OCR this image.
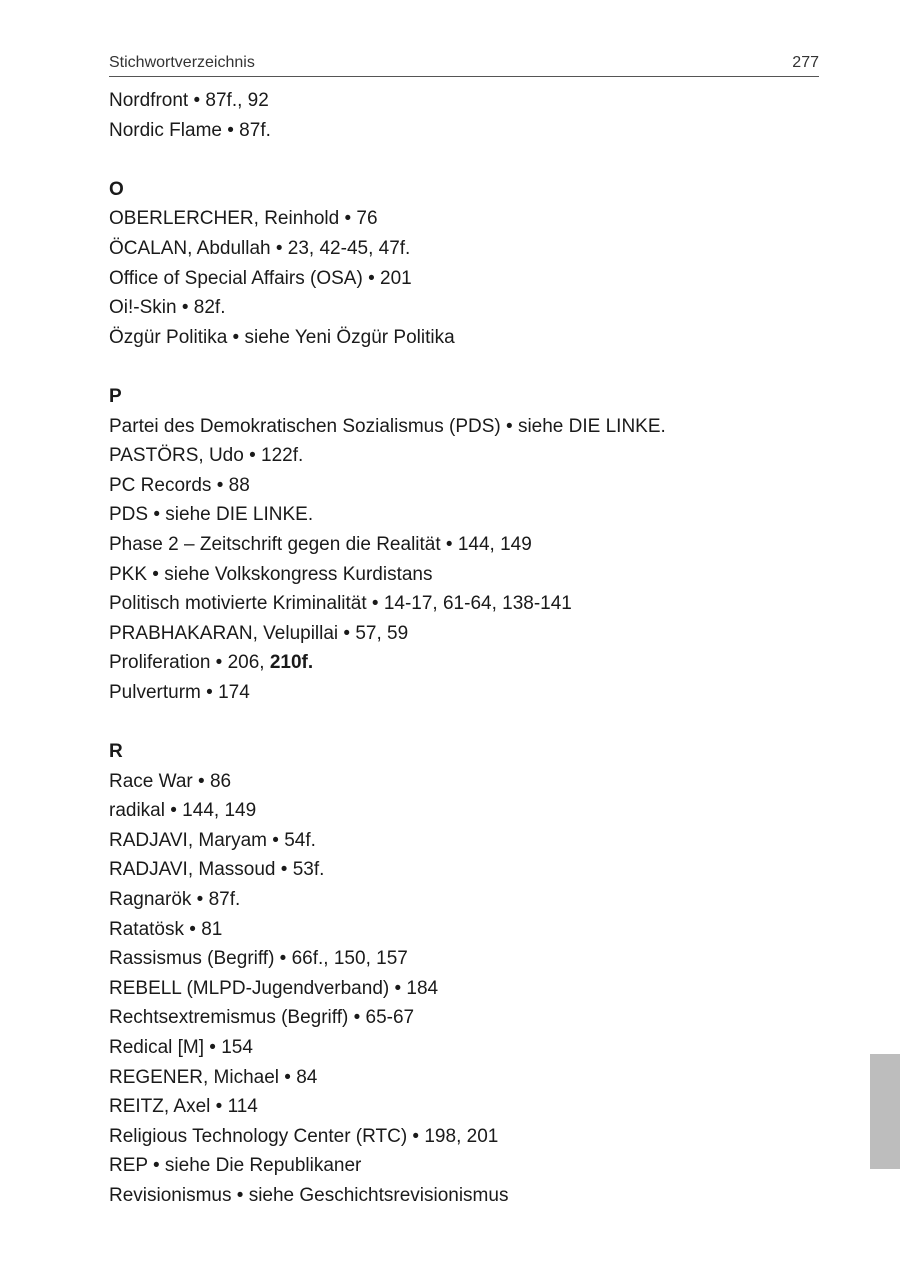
Stichwortverzeichnis	277
Nordfront • 87f., 92
Nordic Flame • 87f.
O
OBERLERCHER, Reinhold • 76
ÖCALAN, Abdullah • 23, 42-45, 47f.
Office of Special Affairs (OSA) • 201
Oi!-Skin • 82f.
Özgür Politika • siehe Yeni Özgür Politika
P
Partei des Demokratischen Sozialismus (PDS) • siehe DIE LINKE.
PASTÖRS, Udo • 122f.
PC Records • 88
PDS • siehe DIE LINKE.
Phase 2 – Zeitschrift gegen die Realität • 144, 149
PKK • siehe Volkskongress Kurdistans
Politisch motivierte Kriminalität • 14-17, 61-64, 138-141
PRABHAKARAN, Velupillai • 57, 59
Proliferation • 206, 210f.
Pulverturm • 174
R
Race War • 86
radikal • 144, 149
RADJAVI, Maryam • 54f.
RADJAVI, Massoud • 53f.
Ragnarök • 87f.
Ratatösk • 81
Rassismus (Begriff) • 66f., 150, 157
REBELL (MLPD-Jugendverband) • 184
Rechtsextremismus (Begriff) • 65-67
Redical [M] • 154
REGENER, Michael • 84
REITZ, Axel • 114
Religious Technology Center (RTC) • 198, 201
REP • siehe Die Republikaner
Revisionismus • siehe Geschichtsrevisionismus
